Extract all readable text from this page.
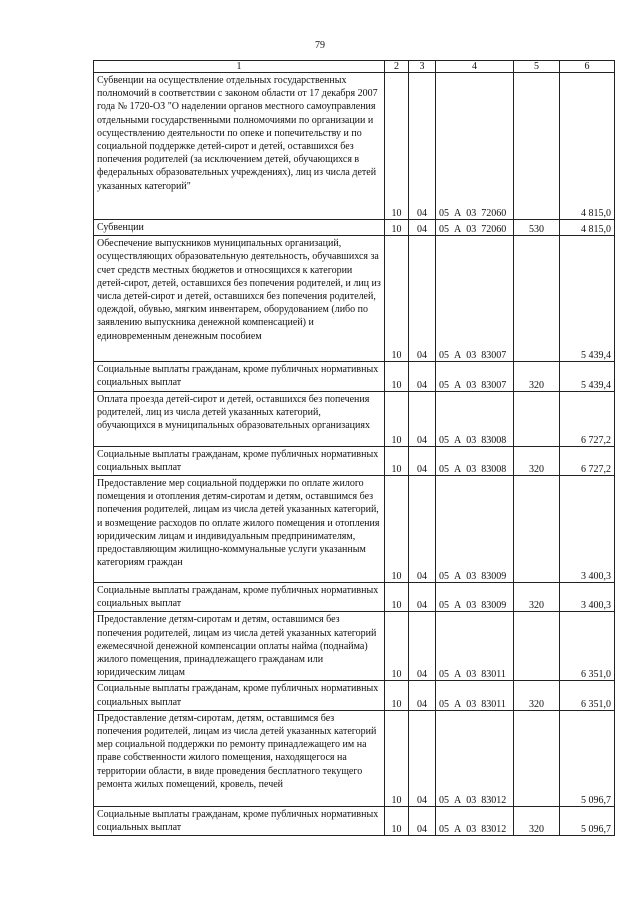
79
1	2	3	4	5	6
Субвенции на осуществление отдельных государственных полномочий в соответствии с законом области от 17 декабря 2007 года № 1720-ОЗ "О наделении органов местного самоуправления отдельными государственными полномочиями по организации и осуществлению деятельности по опеке и попечительству и по социальной поддержке детей-сирот и детей, оставшихся без попечения родителей (за исключением детей, обучающихся в федеральных образовательных учреждениях), лиц из числа детей указанных категорий"	10	04	05  А  03  72060		4 815,0
Субвенции	10	04	05  А  03  72060	530	4 815,0
Обеспечение выпускников муниципальных организаций, осуществляющих образовательную деятельность, обучавшихся за счет средств местных бюджетов и относящихся к категории детей-сирот, детей, оставшихся без попечения родителей, и лиц из числа детей-сирот и детей, оставшихся без попечения родителей, одеждой, обувью, мягким инвентарем, оборудованием (либо по заявлению выпускника денежной компенсацией) и единовременным денежным пособием	10	04	05  А  03  83007		5 439,4
Социальные выплаты гражданам, кроме публичных нормативных социальных выплат	10	04	05  А  03  83007	320	5 439,4
Оплата проезда детей-сирот и детей, оставшихся без попечения родителей, лиц из числа детей указанных категорий, обучающихся в муниципальных образовательных организациях	10	04	05  А  03  83008		6 727,2
Социальные выплаты гражданам, кроме публичных нормативных социальных выплат	10	04	05  А  03  83008	320	6 727,2
Предоставление мер социальной поддержки по оплате жилого помещения и отопления детям-сиротам и детям, оставшимся без попечения родителей, лицам из числа детей указанных категорий, и возмещение расходов по оплате жилого помещения и отопления юридическим лицам и индивидуальным предпринимателям, предоставляющим жилищно-коммунальные услуги указанным категориям граждан	10	04	05  А  03  83009		3 400,3
Социальные выплаты гражданам, кроме публичных нормативных социальных выплат	10	04	05  А  03  83009	320	3 400,3
Предоставление детям-сиротам и детям, оставшимся без попечения родителей, лицам из числа детей указанных категорий ежемесячной денежной компенсации оплаты найма (поднайма) жилого помещения, принадлежащего гражданам или юридическим лицам	10	04	05  А  03  83011		6 351,0
Социальные выплаты гражданам, кроме публичных нормативных социальных выплат	10	04	05  А  03  83011	320	6 351,0
Предоставление детям-сиротам, детям, оставшимся без попечения родителей, лицам из числа детей указанных категорий мер социальной поддержки по ремонту принадлежащего им на праве собственности жилого помещения, находящегося на территории области, в виде проведения бесплатного текущего ремонта жилых помещений, кровель, печей	10	04	05  А  03  83012		5 096,7
Социальные выплаты гражданам, кроме публичных нормативных социальных выплат	10	04	05  А  03  83012	320	5 096,7
